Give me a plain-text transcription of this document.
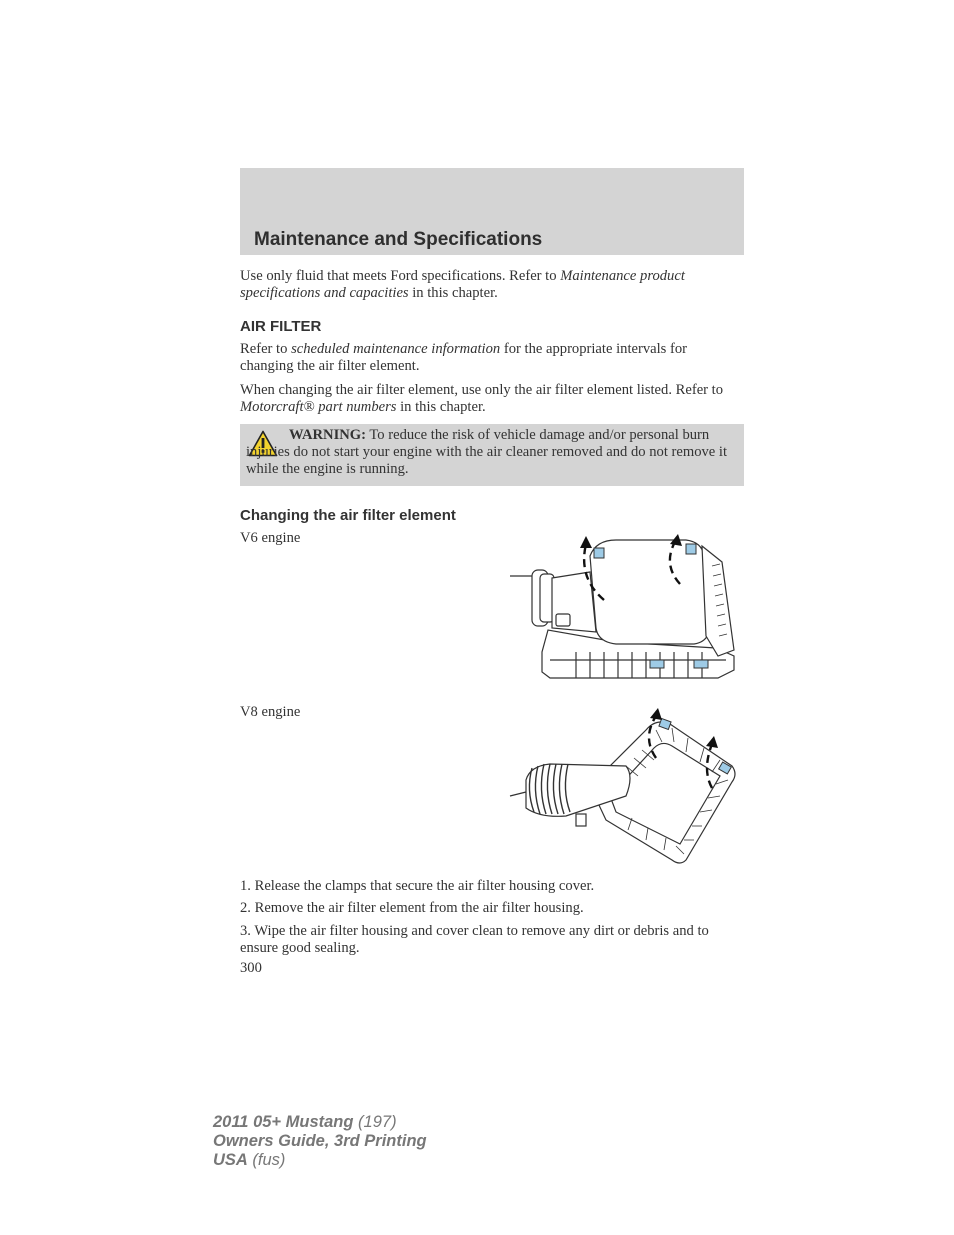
Maintenance and Specifications

Use only fluid that meets Ford specifications. Refer to Maintenance product specifications and capacities in this chapter.

AIR FILTER

Refer to scheduled maintenance information for the appropriate intervals for changing the air filter element.

When changing the air filter element, use only the air filter element listed. Refer to Motorcraft® part numbers in this chapter.

WARNING: To reduce the risk of vehicle damage and/or personal burn injuries do not start your engine with the air cleaner removed and do not remove it while the engine is running.
Changing the air filter element

V6 engine

V8 engine

1. Release the clamps that secure the air filter housing cover.

2. Remove the air filter element from the air filter housing.

3. Wipe the air filter housing and cover clean to remove any dirt or debris and to ensure good sealing.

300

2011 05+ Mustang (197)
Owners Guide, 3rd Printing
USA (fus)
